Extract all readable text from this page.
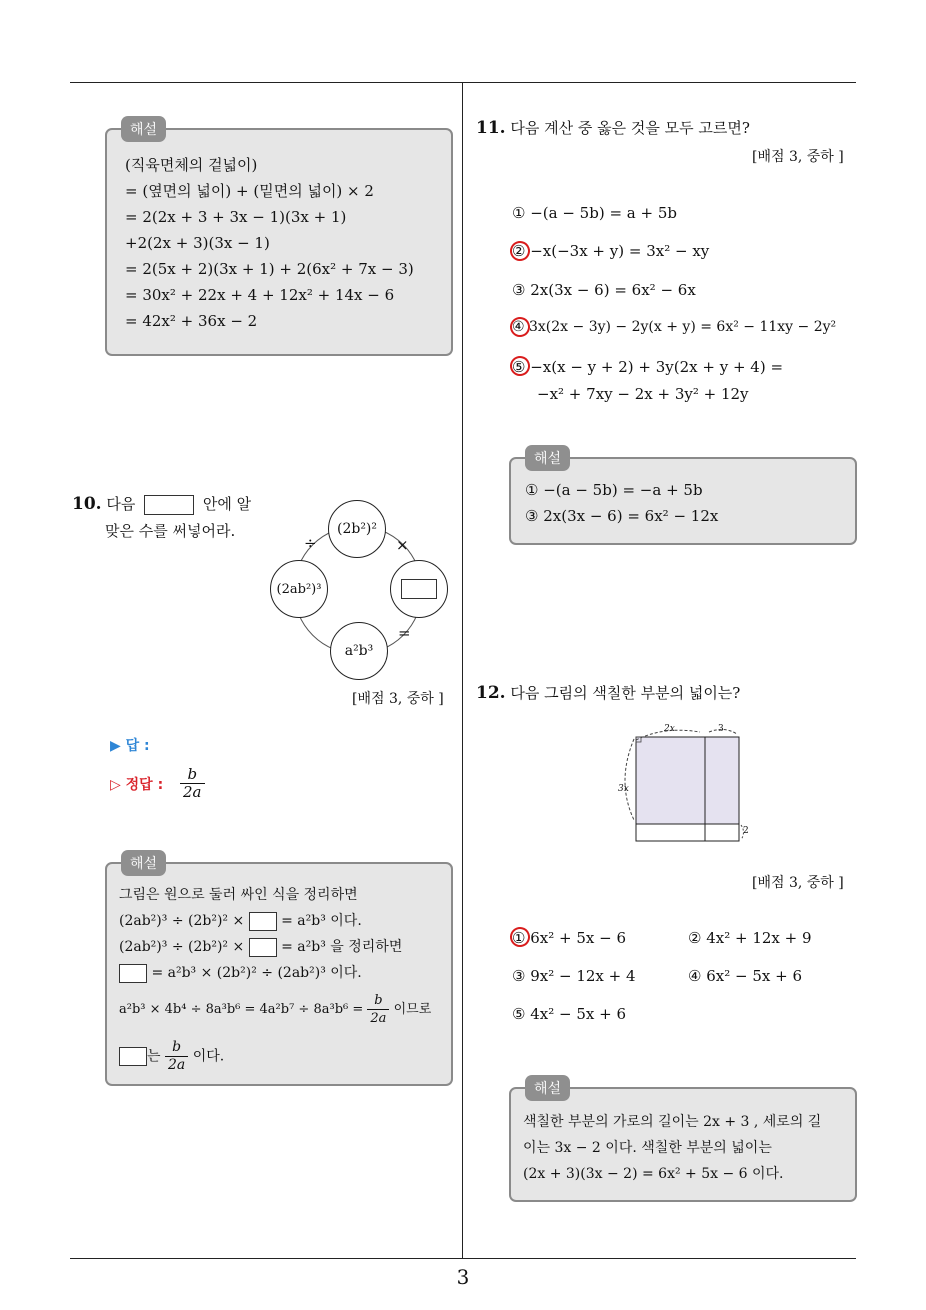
해설
(직육면체의 겉넓이)
= (옆면의 넓이) + (밑면의 넓이) × 2
= 2(2x + 3 + 3x − 1)(3x + 1)
+2(2x + 3)(3x − 1)
= 2(5x + 2)(3x + 1) + 2(6x² + 7x − 3)
= 30x² + 22x + 4 + 12x² + 14x − 6
= 42x² + 36x − 2
10. 다음	안에 알
맞은 수를 써넣어라.	(2b²)²
(2ab²)³
a²b³
÷	×
=
[배점 3, 중하 ]
▶ 답 :
▷ 정답 : $\frac{b}{2a}$
해설
그림은 원으로 둘러 싸인 식을 정리하면
(2ab²)³ ÷ (2b²)² ×	= a²b³ 이다.
(2ab²)³ ÷ (2b²)² ×	= a²b³ 을 정리하면
= a²b³ × (2b²)² ÷ (2ab²)³ 이다.
$a^2b^3 \times 4b^4 \div 8a^3b^6 = 4a^2b^7 \div 8a^3b^6 = \frac{b}{2a}$ 이므로
는 $\frac{b}{2a}$ 이다.
11. 다음 계산 중 옳은 것을 모두 고르면?
[배점 3, 중하 ]
① −(a − 5b) = a + 5b
② −x(−3x + y) = 3x² − xy
③ 2x(3x − 6) = 6x² − 6x
④ 3x(2x − 3y) − 2y(x + y) = 6x² − 11xy − 2y²
⑤ −x(x − y + 2) + 3y(2x + y + 4) =
−x² + 7xy − 2x + 3y² + 12y
해설
① −(a − 5b) = −a + 5b
③ 2x(3x − 6) = 6x² − 12x
12. 다음 그림의 색칠한 부분의 넓이는?
2x	3
3x
2
[배점 3, 중하 ]
① 6x² + 5x − 6	② 4x² + 12x + 9
③ 9x² − 12x + 4	④ 6x² − 5x + 6
⑤ 4x² − 5x + 6
해설
색칠한 부분의 가로의 길이는 2x + 3 , 세로의 길
이는 3x − 2 이다. 색칠한 부분의 넓이는
(2x + 3)(3x − 2) = 6x² + 5x − 6 이다.
3
